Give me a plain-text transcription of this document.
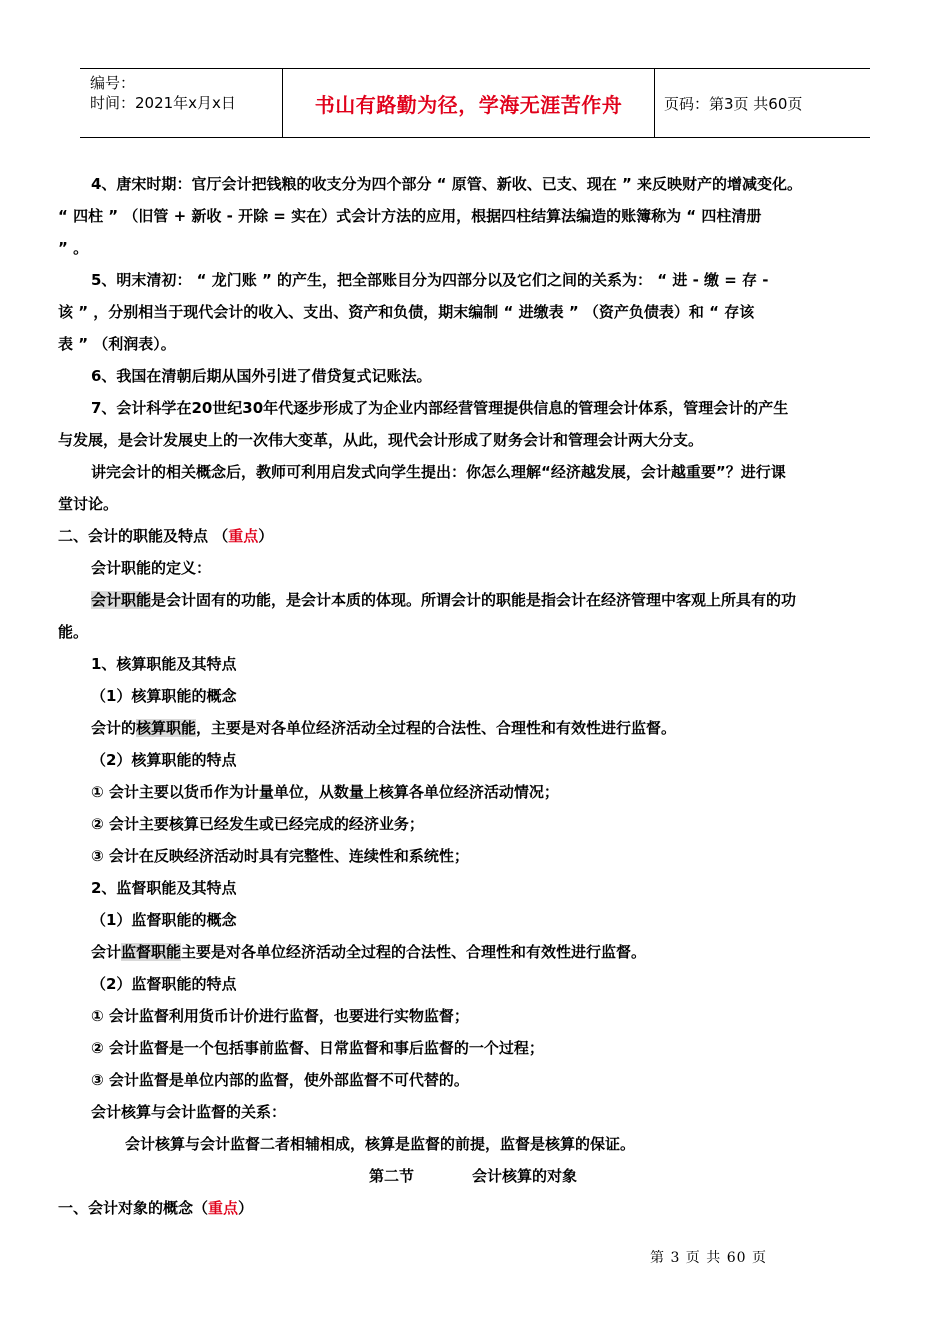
编号：
时间：2021年x月x日	书山有路勤为径，学海无涯苦作舟	页码：第3页 共60页
4、唐宋时期：官厅会计把钱粮的收支分为四个部分 “ 原管、新收、已支、现在 ” 来反映财产的增减变化。
“ 四柱 ” （旧管 + 新收 - 开除 = 实在）式会计方法的应用，根据四柱结算法编造的账簿称为 “ 四柱清册
” 。
5、明末清初： “ 龙门账 ” 的产生，把全部账目分为四部分以及它们之间的关系为： “ 进 - 缴 = 存 -
该 ” ，分别相当于现代会计的收入、支出、资产和负债，期末编制 “ 进缴表 ” （资产负债表）和 “ 存该
表 ” （利润表）。
6、我国在清朝后期从国外引进了借贷复式记账法。
7、会计科学在20世纪30年代逐步形成了为企业内部经营管理提供信息的管理会计体系，管理会计的产生
与发展，是会计发展史上的一次伟大变革，从此，现代会计形成了财务会计和管理会计两大分支。
讲完会计的相关概念后，教师可利用启发式向学生提出：你怎么理解“经济越发展，会计越重要”？进行课
堂讨论。
二、会计的职能及特点 （重点）
会计职能的定义：
会计职能是会计固有的功能，是会计本质的体现。所谓会计的职能是指会计在经济管理中客观上所具有的功
能。
1、核算职能及其特点
（1）核算职能的概念
会计的核算职能，主要是对各单位经济活动全过程的合法性、合理性和有效性进行监督。
（2）核算职能的特点
① 会计主要以货币作为计量单位，从数量上核算各单位经济活动情况；
② 会计主要核算已经发生或已经完成的经济业务；
③ 会计在反映经济活动时具有完整性、连续性和系统性；
2、监督职能及其特点
（1）监督职能的概念
会计监督职能主要是对各单位经济活动全过程的合法性、合理性和有效性进行监督。
（2）监督职能的特点
① 会计监督利用货币计价进行监督，也要进行实物监督；
② 会计监督是一个包括事前监督、日常监督和事后监督的一个过程；
③ 会计监督是单位内部的监督，使外部监督不可代替的。
会计核算与会计监督的关系：
会计核算与会计监督二者相辅相成，核算是监督的前提，监督是核算的保证。
第二节	会计核算的对象
一、会计对象的概念（重点）
第 3 页 共 60 页
